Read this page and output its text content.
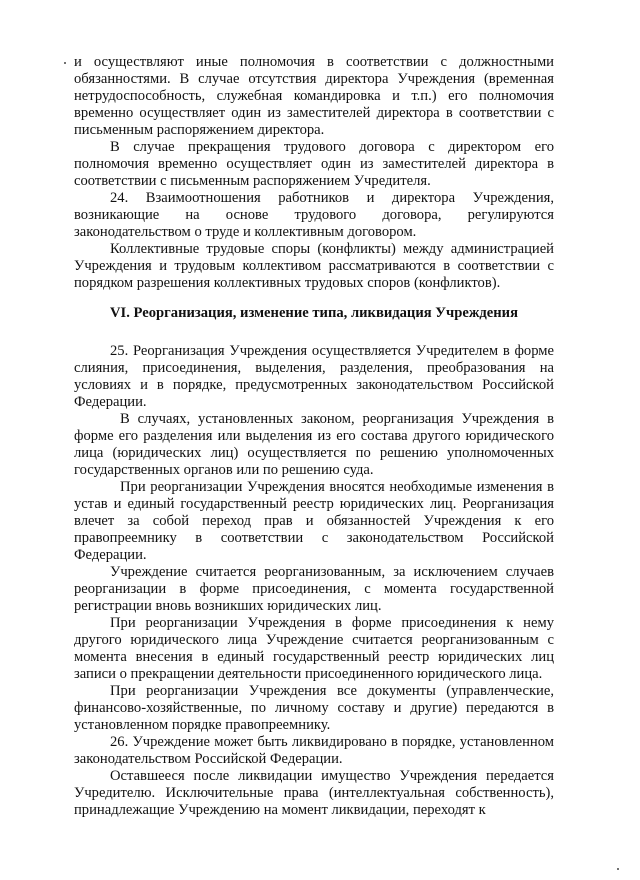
и осуществляют иные полномочия в соответствии с должностными обязанностями. В случае отсутствия директора Учреждения (временная нетрудоспособность, служебная командировка и т.п.) его полномочия временно осуществляет один из заместителей директора в соответствии с письменным распоряжением директора.

В случае прекращения трудового договора с директором его полномочия временно осуществляет один из заместителей директора в соответствии с письменным распоряжением Учредителя.

24. Взаимоотношения работников и директора Учреждения, возникающие на основе трудового договора, регулируются законодательством о труде и коллективным договором.

Коллективные трудовые споры (конфликты) между администрацией Учреждения и трудовым коллективом рассматриваются в соответствии с порядком разрешения коллективных трудовых споров (конфликтов).

VI. Реорганизация, изменение типа, ликвидация Учреждения

25. Реорганизация Учреждения осуществляется Учредителем в форме слияния, присоединения, выделения, разделения, преобразования на условиях и в порядке, предусмотренных законодательством Российской Федерации.

В случаях, установленных законом, реорганизация Учреждения в форме его разделения или выделения из его состава другого юридического лица (юридических лиц) осуществляется по решению уполномоченных государственных органов или по решению суда.

При реорганизации Учреждения вносятся необходимые изменения в устав и единый государственный реестр юридических лиц. Реорганизация влечет за собой переход прав и обязанностей Учреждения к его правопреемнику в соответствии с законодательством Российской Федерации.

Учреждение считается реорганизованным, за исключением случаев реорганизации в форме присоединения, с момента государственной регистрации вновь возникших юридических лиц.

При реорганизации Учреждения в форме присоединения к нему другого юридического лица Учреждение считается реорганизованным с момента внесения в единый государственный реестр юридических лиц записи о прекращении деятельности присоединенного юридического лица.

При реорганизации Учреждения все документы (управленческие, финансово-хозяйственные, по личному составу и другие) передаются в установленном порядке правопреемнику.

26. Учреждение может быть ликвидировано в порядке, установленном законодательством Российской Федерации.

Оставшееся после ликвидации имущество Учреждения передается Учредителю. Исключительные права (интеллектуальная собственность), принадлежащие Учреждению на момент ликвидации, переходят к
